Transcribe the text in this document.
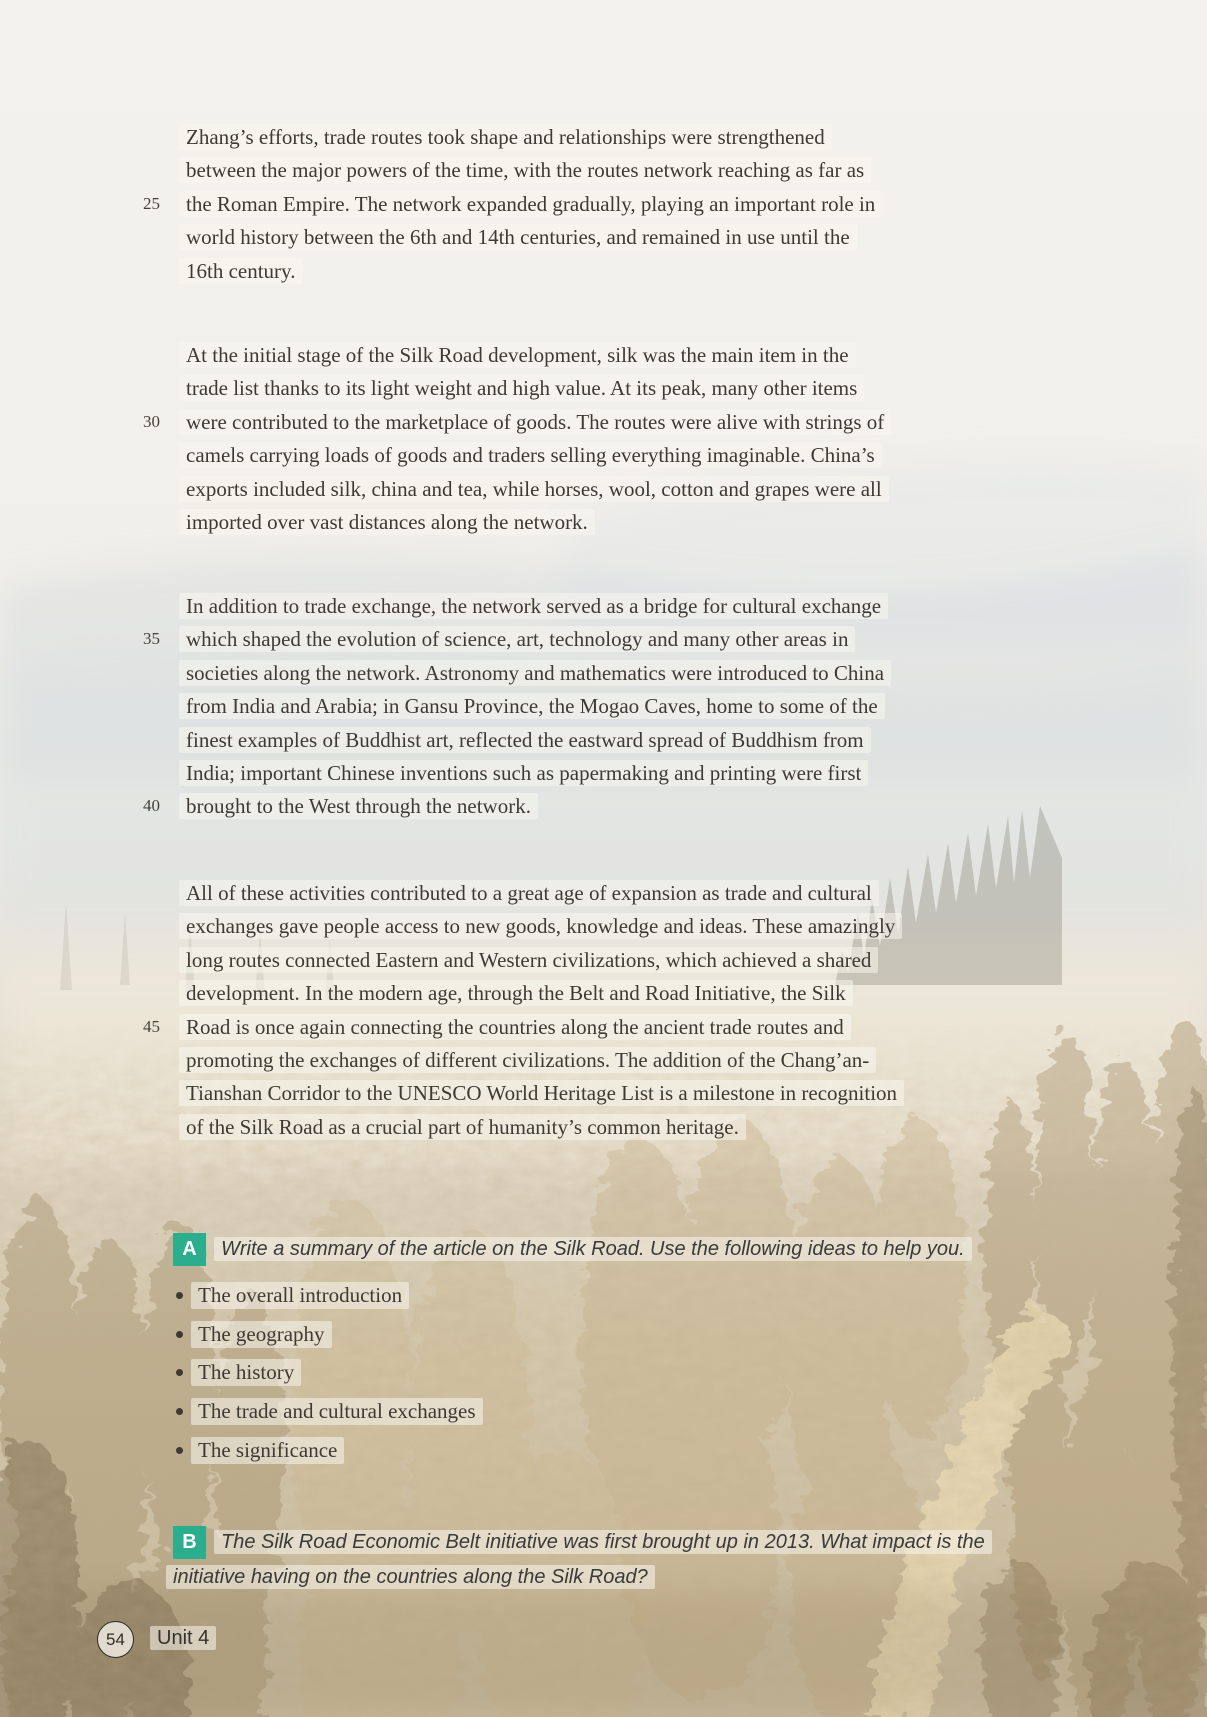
25
30
35
40
45
Zhang’s efforts, trade routes took shape and relationships were strengthened
between the major powers of the time, with the routes network reaching as far as
the Roman Empire. The network expanded gradually, playing an important role in
world history between the 6th and 14th centuries, and remained in use until the
16th century.
At the initial stage of the Silk Road development, silk was the main item in the
trade list thanks to its light weight and high value. At its peak, many other items
were contributed to the marketplace of goods. The routes were alive with strings of
camels carrying loads of goods and traders selling everything imaginable. China’s
exports included silk, china and tea, while horses, wool, cotton and grapes were all
imported over vast distances along the network.
In addition to trade exchange, the network served as a bridge for cultural exchange
which shaped the evolution of science, art, technology and many other areas in
societies along the network. Astronomy and mathematics were introduced to China
from India and Arabia; in Gansu Province, the Mogao Caves, home to some of the
finest examples of Buddhist art, reflected the eastward spread of Buddhism from
India; important Chinese inventions such as papermaking and printing were first
brought to the West through the network.
All of these activities contributed to a great age of expansion as trade and cultural
exchanges gave people access to new goods, knowledge and ideas. These amazingly
long routes connected Eastern and Western civilizations, which achieved a shared
development. In the modern age, through the Belt and Road Initiative, the Silk
Road is once again connecting the countries along the ancient trade routes and
promoting the exchanges of different civilizations. The addition of the Chang’an-
Tianshan Corridor to the UNESCO World Heritage List is a milestone in recognition
of the Silk Road as a crucial part of humanity’s common heritage.
A	Write a summary of the article on the Silk Road. Use the following ideas to help you.
The overall introduction
The geography
The history
The trade and cultural exchanges
The significance
B	The Silk Road Economic Belt initiative was first brought up in 2013. What impact is the

initiative having on the countries along the Silk Road?

54 Unit 4
